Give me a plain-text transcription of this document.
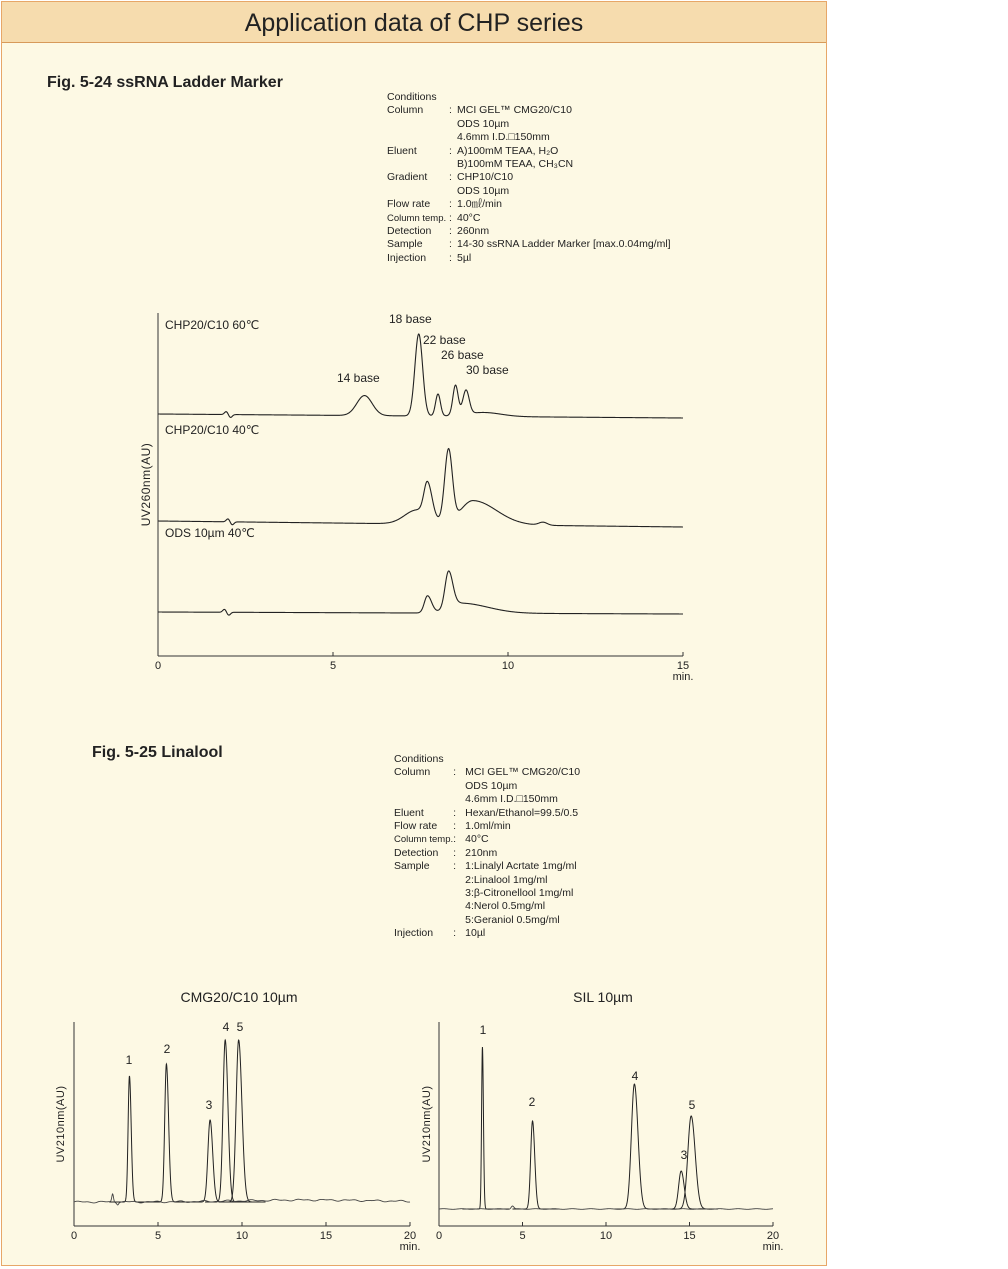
Application data of CHP series
Fig. 5-24 ssRNA Ladder Marker
Conditions
Column	:	MCI GEL™ CMG20/C10
ODS 10µm
4.6mm I.D.□150mm

Eluent	:	A)100mM TEAA, H₂O
B)100mM TEAA, CH₃CN

Gradient	:	CHP10/C10
ODS 10µm

Flow rate	:	1.0㎖/min
Column temp.	:	40°C
Detection	:	260nm
Sample	:	14-30 ssRNA Ladder Marker [max.0.04mg/ml]
Injection	:	5µl
Fig. 5-25 Linalool	Conditions
Column	:	MCI GEL™ CMG20/C10
ODS 10µm
4.6mm I.D.□150mm

Eluent	:	Hexan/Ethanol=99.5/0.5
Flow rate	:	1.0ml/min
Column temp.	:	40°C
Detection	:	210nm
Sample	:	1:Linalyl Acrtate 1mg/ml
2:Linalool 1mg/ml
3:β-Citronellool 1mg/ml
4:Nerol 0.5mg/ml
5:Geraniol 0.5mg/ml

Injection	:	10µl
0	5	10	15
min.
UV260nm(AU)
CHP20/C10 60℃
CHP20/C10 40℃
ODS 10µm 40℃
14 base
18 base
22 base
26 base
30 base
0	5	10	15	20
min.
UV210nm(AU)
CMG20/C10 10µm
1
2
3
4 5
0	5	10	15	20
min.
UV210nm(AU)
SIL 10µm
1
2
4
3
5
